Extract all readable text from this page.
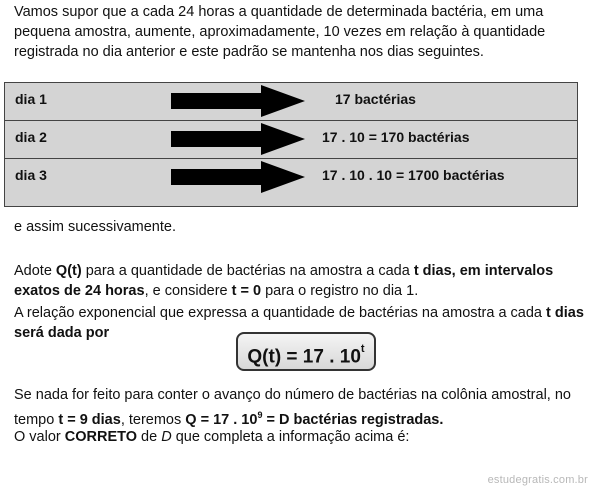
Vamos supor que a cada 24 horas a quantidade de determinada bactéria, em uma pequena amostra, aumente, aproximadamente, 10 vezes em relação à quantidade registrada no dia anterior e este padrão se mantenha nos dias seguintes.
dia 1	17 bactérias
dia 2	17 . 10 = 170 bactérias
dia 3	17 . 10 . 10 = 1700 bactérias
e assim sucessivamente.
Adote Q(t) para a quantidade de bactérias na amostra a cada t dias, em intervalos exatos de 24 horas, e considere t = 0 para o registro no dia 1.
A relação exponencial que expressa a quantidade de bactérias na amostra a cada t dias será dada por
Q(t) = 17 . 10$^t$
Se nada for feito para conter o avanço do número de bactérias na colônia amostral, no tempo t = 9 dias, teremos Q = 17 . $10^9 = D$ bactérias registradas.
O valor CORRETO de D que completa a informação acima é:
estudegratis.com.br
